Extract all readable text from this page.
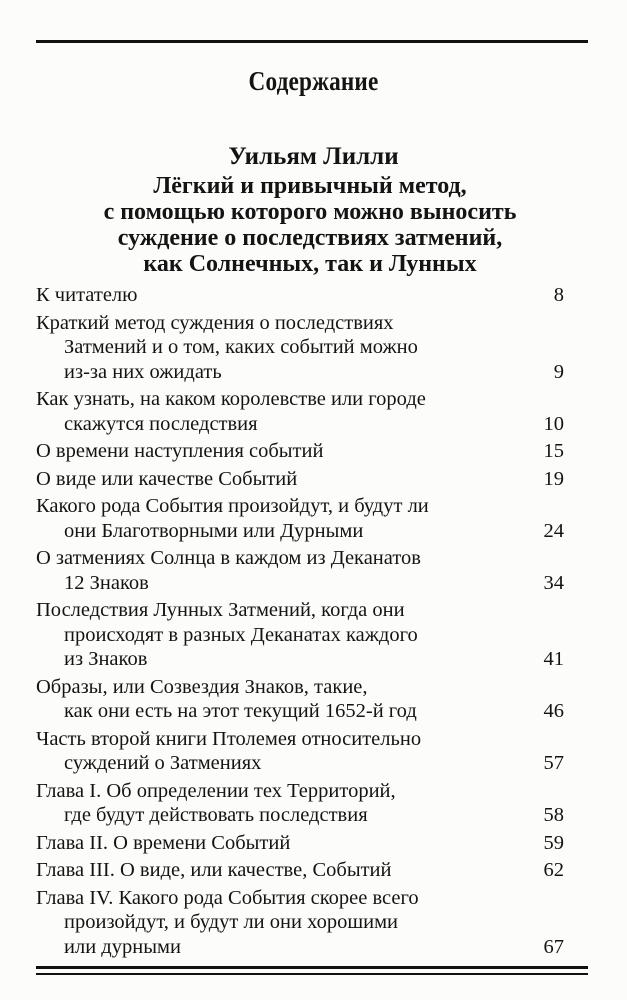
Содержание
Уильям Лилли
Лёгкий и привычный метод,
с помощью которого можно выносить
суждение о последствиях затмений,
как Солнечных, так и Лунных
К читателю	8
Краткий метод суждения о последствиях
Затмений и о том, каких событий можно
из-за них ожидать	9
Как узнать, на каком королевстве или городе
скажутся последствия	10
О времени наступления событий	15
О виде или качестве Событий	19
Какого рода События произойдут, и будут ли
они Благотворными или Дурными	24
О затмениях Солнца в каждом из Деканатов
12 Знаков	34
Последствия Лунных Затмений, когда они
происходят в разных Деканатах каждого
из Знаков	41
Образы, или Созвездия Знаков, такие,
как они есть на этот текущий 1652-й год	46
Часть второй книги Птолемея относительно
суждений о Затмениях	57
Глава I. Об определении тех Территорий,
где будут действовать последствия	58
Глава II. О времени Событий	59
Глава III. О виде, или качестве, Событий	62
Глава IV. Какого рода События скорее всего
произойдут, и будут ли они хорошими
или дурными	67
